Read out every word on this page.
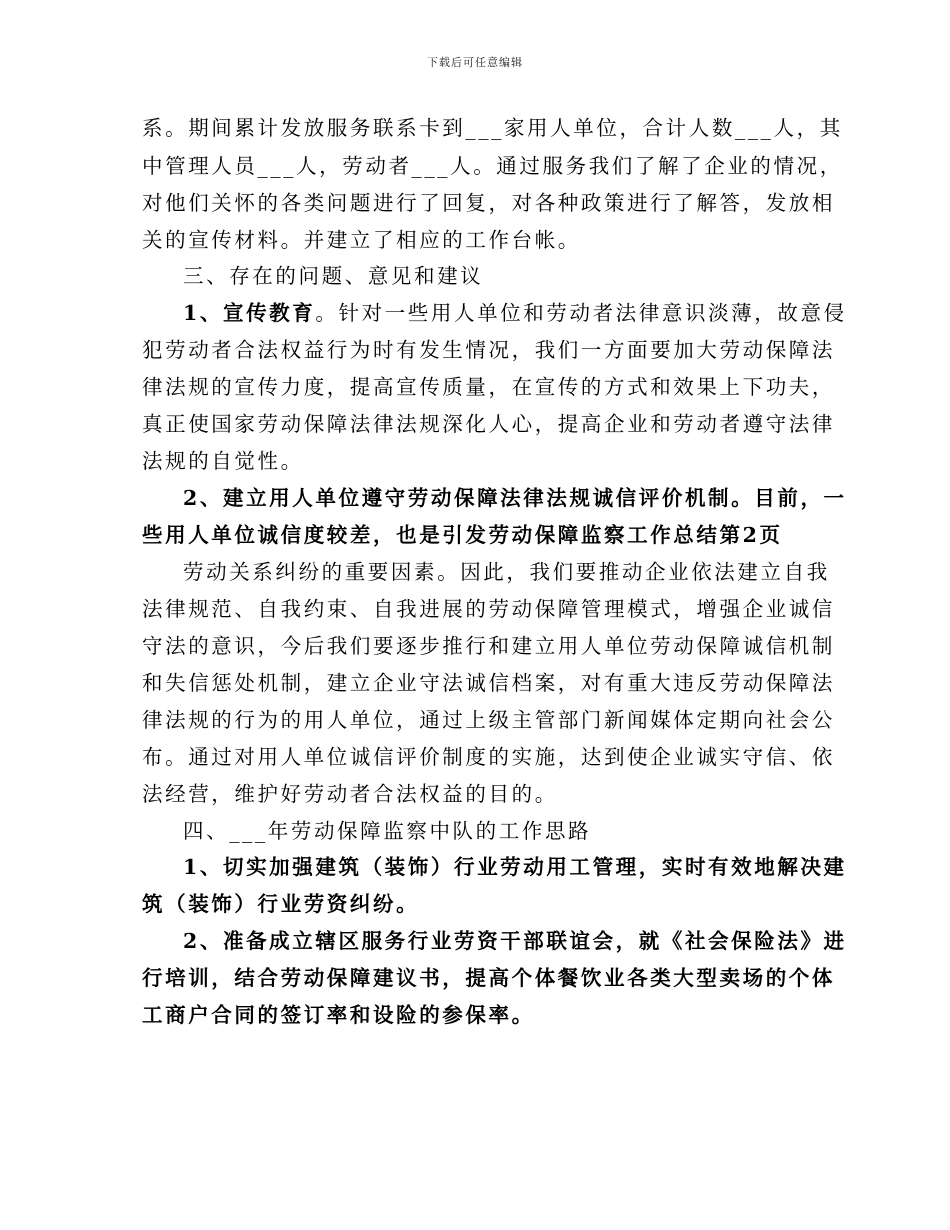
下载后可任意编辑
系。期间累计发放服务联系卡到___家用人单位，合计人数___人，其
中管理人员___人，劳动者___人。通过服务我们了解了企业的情况，
对他们关怀的各类问题进行了回复，对各种政策进行了解答，发放相
关的宣传材料。并建立了相应的工作台帐。
三、存在的问题、意见和建议
1、宣传教育。针对一些用人单位和劳动者法律意识淡薄，故意侵
犯劳动者合法权益行为时有发生情况，我们一方面要加大劳动保障法
律法规的宣传力度，提高宣传质量，在宣传的方式和效果上下功夫，
真正使国家劳动保障法律法规深化人心，提高企业和劳动者遵守法律
法规的自觉性。
2、建立用人单位遵守劳动保障法律法规诚信评价机制。目前，一
些用人单位诚信度较差，也是引发劳动保障监察工作总结第2页
劳动关系纠纷的重要因素。因此，我们要推动企业依法建立自我
法律规范、自我约束、自我进展的劳动保障管理模式，增强企业诚信
守法的意识，今后我们要逐步推行和建立用人单位劳动保障诚信机制
和失信惩处机制，建立企业守法诚信档案，对有重大违反劳动保障法
律法规的行为的用人单位，通过上级主管部门新闻媒体定期向社会公
布。通过对用人单位诚信评价制度的实施，达到使企业诚实守信、依
法经营，维护好劳动者合法权益的目的。
四、___年劳动保障监察中队的工作思路
1、切实加强建筑（装饰）行业劳动用工管理，实时有效地解决建
筑（装饰）行业劳资纠纷。
2、准备成立辖区服务行业劳资干部联谊会，就《社会保险法》进
行培训，结合劳动保障建议书，提高个体餐饮业各类大型卖场的个体
工商户合同的签订率和设险的参保率。
